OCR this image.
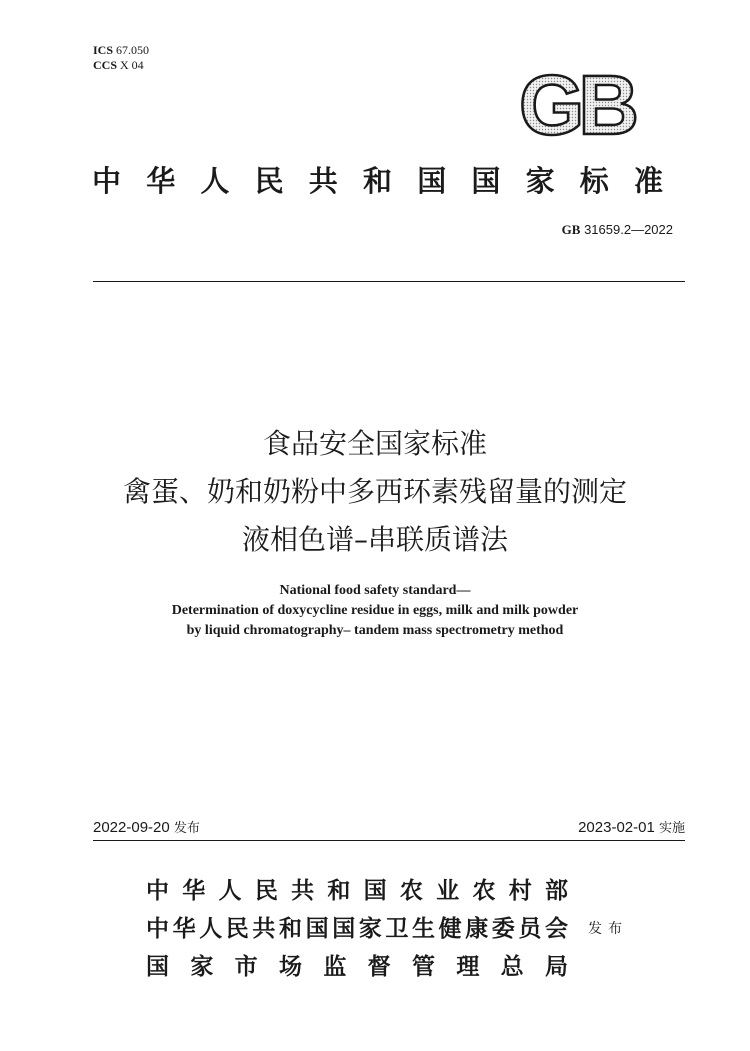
ICS 67.050
CCS X 04	GB
中华人民共和国国家标准
GB 31659.2—2022
食品安全国家标准
禽蛋、奶和奶粉中多西环素残留量的测定
液相色谱–串联质谱法
National food safety standard—
Determination of doxycycline residue in eggs, milk and milk powder
by liquid chromatography– tandem mass spectrometry method
2022-09-20 发布	2023-02-01 实施
中华人民共和国农业农村部
中华人民共和国国家卫生健康委员会
国家市场监督管理总局
发布
